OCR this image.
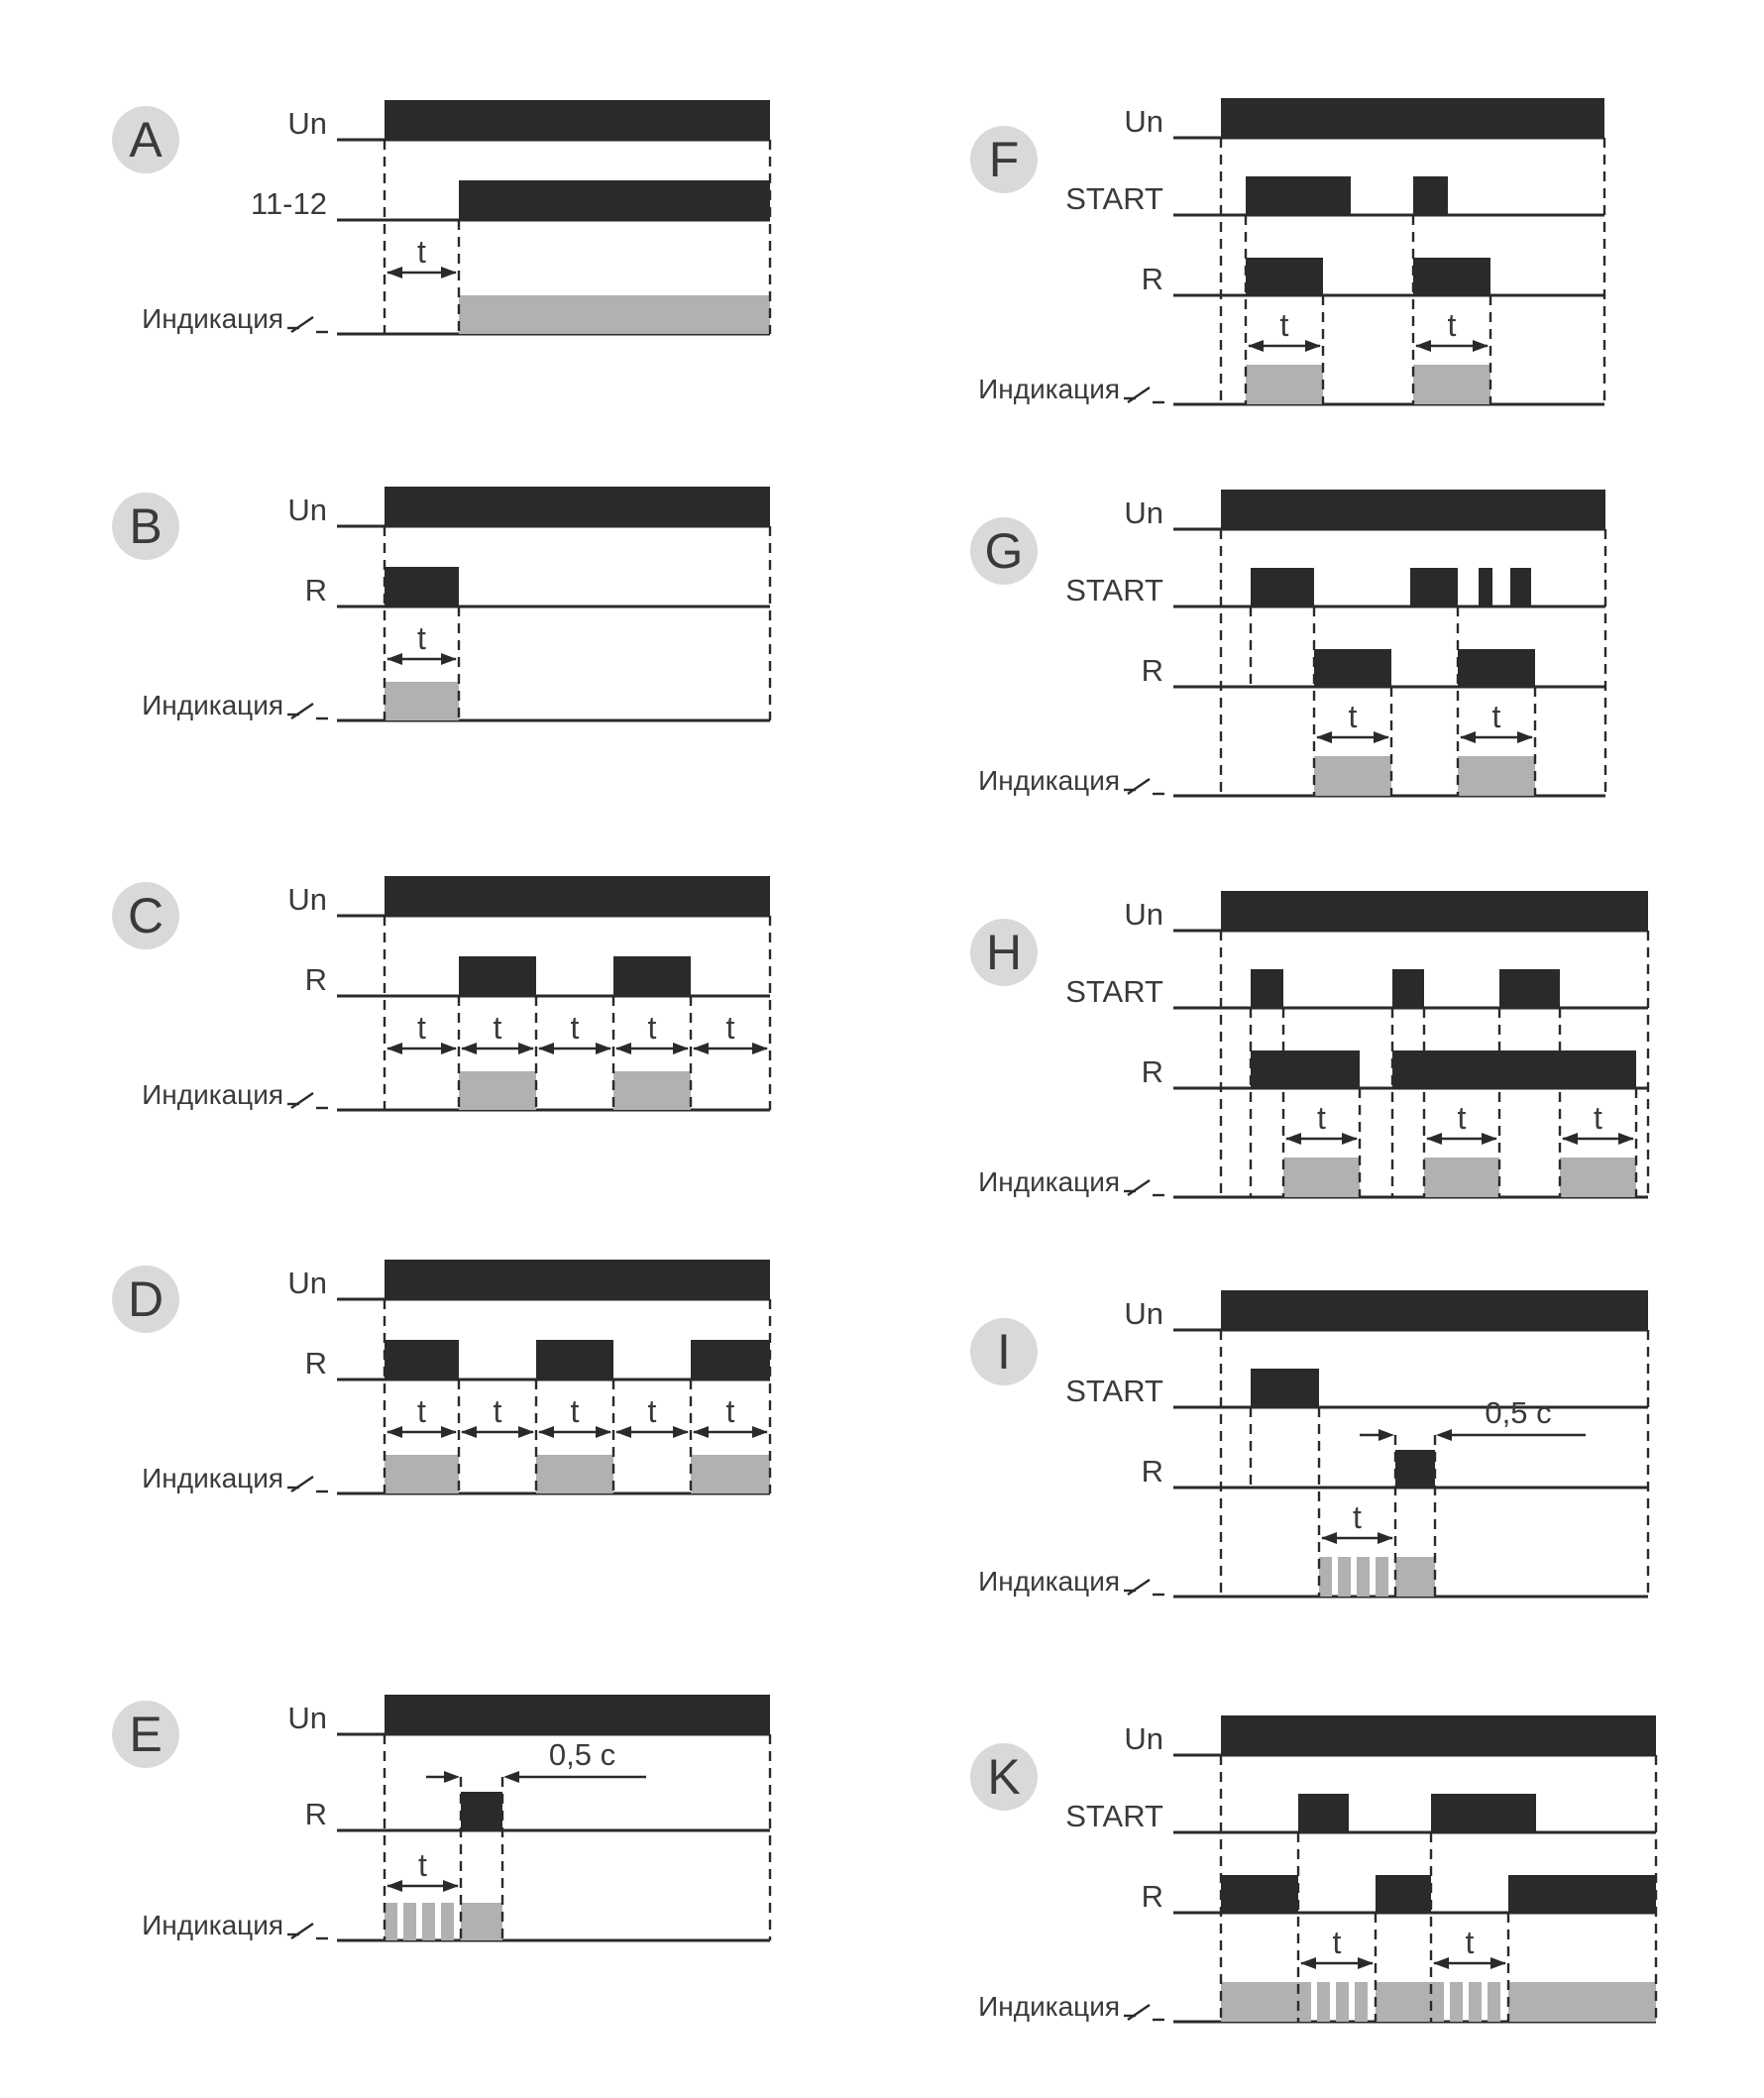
t
Un
11-12
Индикация
A
t
Un
R
Индикация
B
t t t t t
Un
R
Индикация
C
t t t t t
Un
R
Индикация
D
t
0,5 c
Un
R
Индикация
E
t	t
Un
START
R
Индикация
F
t	t
Un
START
R
Индикация
G
t	t	t
Un
START
R
Индикация
H
t
0,5 c
Un
START
R
Индикация
I
t	t
Un
START
R
Индикация
K
